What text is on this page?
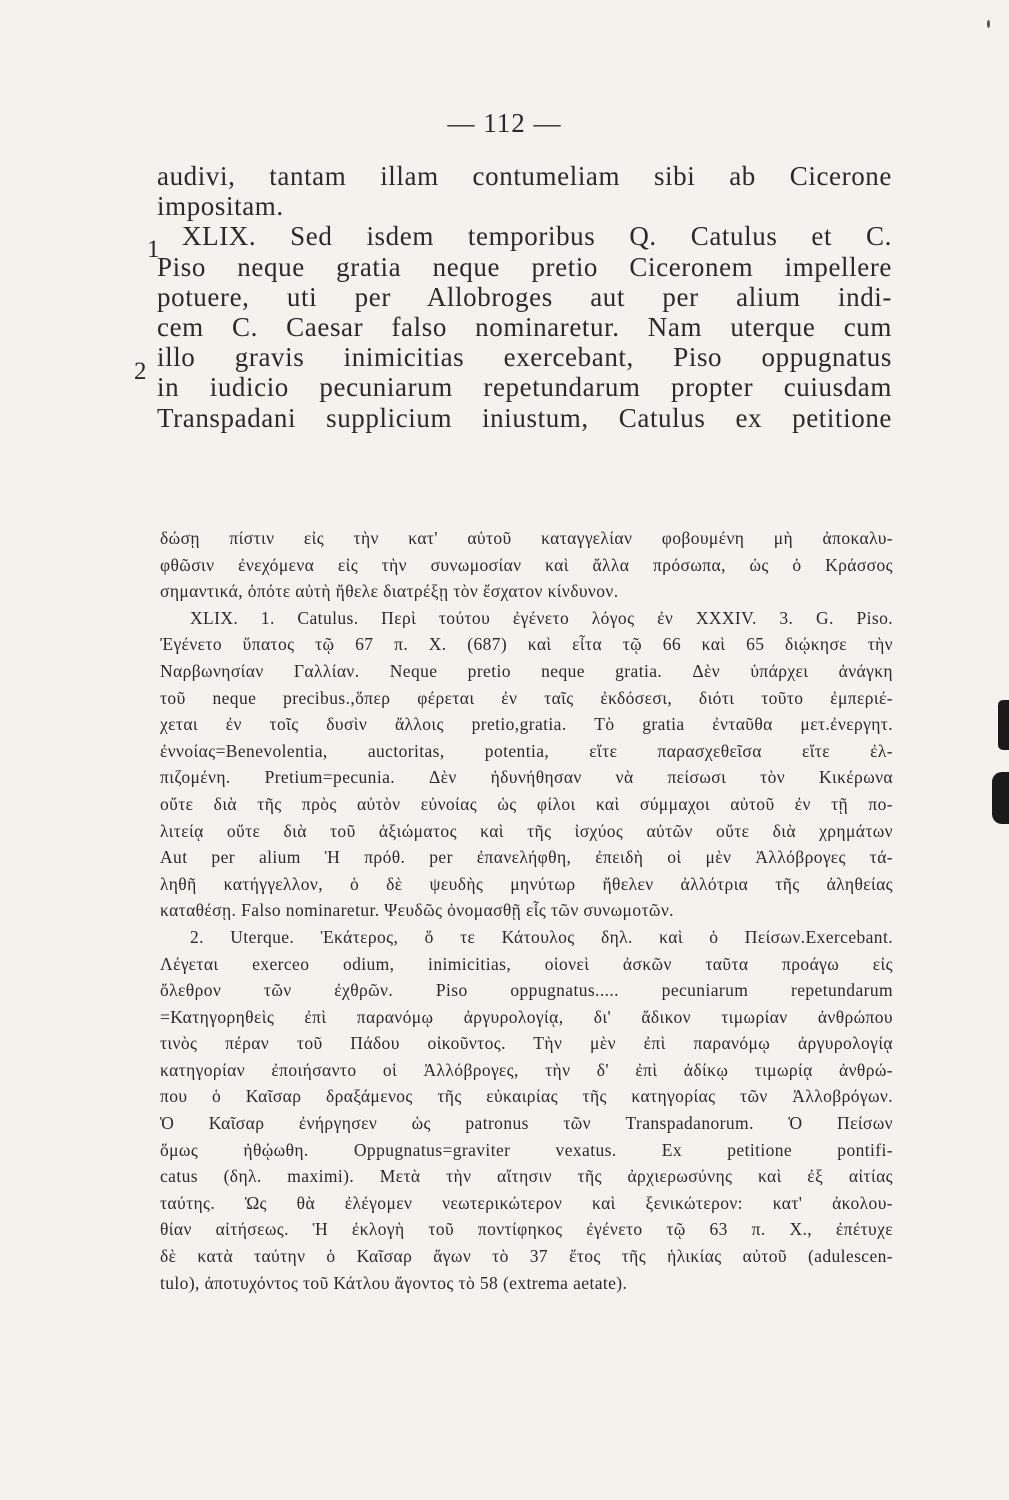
— 112 —
1
2
audivi, tantam illam contumeliam sibi ab Cicerone
impositam.
XLIX. Sed isdem temporibus Q. Catulus et C.
Piso neque gratia neque pretio Ciceronem impellere
potuere, uti per Allobroges aut per alium indi-
cem C. Caesar falso nominaretur. Nam uterque cum
illo gravis inimicitias exercebant, Piso oppugnatus
in iudicio pecuniarum repetundarum propter cuiusdam
Transpadani supplicium iniustum, Catulus ex petitione
δώσῃ πίστιν εἰς τὴν κατ' αὐτοῦ καταγγελίαν φοβουμένη μὴ ἀποκαλυ-
φθῶσιν ἐνεχόμενα εἰς τὴν συνωμοσίαν καὶ ἄλλα πρόσωπα, ὡς ὁ Κράσσος
σημαντικά, ὁπότε αὐτὴ ἤθελε διατρέξῃ τὸν ἔσχατον κίνδυνον.
XLIX. 1. Catulus. Περὶ τούτου ἐγένετο λόγος ἐν XXXIV. 3. G. Piso.
Ἐγένετο ὕπατος τῷ 67 π. Χ. (687) καὶ εἶτα τῷ 66 καὶ 65 διῴκησε τὴν
Ναρβωνησίαν Γαλλίαν. Neque pretio neque gratia. Δὲν ὑπάρχει ἀνάγκη
τοῦ neque precibus.,ὅπερ φέρεται ἐν ταῖς ἐκδόσεσι, διότι τοῦτο ἐμπεριέ-
χεται ἐν τοῖς δυσὶν ἄλλοις pretio,gratia. Τὸ gratia ἐνταῦθα μετ.ἐνεργητ.
ἐννοίας=Benevolentia, auctoritas, potentia, εἴτε παρασχεθεῖσα εἴτε ἐλ-
πιζομένη. Pretium=pecunia. Δὲν ἠδυνήθησαν νὰ πείσωσι τὸν Κικέρωνα
οὔτε διὰ τῆς πρὸς αὐτὸν εὐνοίας ὡς φίλοι καὶ σύμμαχοι αὐτοῦ ἐν τῇ πο-
λιτείᾳ οὔτε διὰ τοῦ ἀξιώματος καὶ τῆς ἰσχύος αὐτῶν οὔτε διὰ χρημάτων
Aut per alium Ἡ πρόθ. per ἐπανελήφθη, ἐπειδὴ οἱ μὲν Ἀλλόβρογες τά-
ληθῆ κατήγγελλον, ὁ δὲ ψευδὴς μηνύτωρ ἤθελεν ἀλλότρια τῆς ἀληθείας
καταθέσῃ. Falso nominaretur. Ψευδῶς ὀνομασθῇ εἷς τῶν συνωμοτῶν.
2. Uterque. Ἑκάτερος, ὅ τε Κάτουλος δηλ. καὶ ὁ Πείσων.Exercebant.
Λέγεται exerceo odium, inimicitias, οἱονεὶ ἀσκῶν ταῦτα προάγω εἰς
ὄλεθρον τῶν ἐχθρῶν. Piso oppugnatus..... pecuniarum repetundarum
=Κατηγορηθεὶς ἐπὶ παρανόμῳ ἀργυρολογίᾳ, δι' ἄδικον τιμωρίαν ἀνθρώπου
τινὸς πέραν τοῦ Πάδου οἰκοῦντος. Τὴν μὲν ἐπὶ παρανόμῳ ἀργυρολογίᾳ
κατηγορίαν ἐποιήσαντο οἱ Ἀλλόβρογες, τὴν δ' ἐπὶ ἀδίκῳ τιμωρίᾳ ἀνθρώ-
που ὁ Καῖσαρ δραξάμενος τῆς εὐκαιρίας τῆς κατηγορίας τῶν Ἀλλοβρόγων.
Ὁ Καῖσαρ ἐνήργησεν ὡς patronus τῶν Transpadanorum. Ὁ Πείσων
ὅμως ἠθῴωθη. Oppugnatus=graviter vexatus. Ex petitione pontifi-
catus (δηλ. maximi). Μετὰ τὴν αἴτησιν τῆς ἀρχιερωσύνης καὶ ἐξ αἰτίας
ταύτης. Ὡς θὰ ἐλέγομεν νεωτερικώτερον καὶ ξενικώτερον: κατ' ἀκολου-
θίαν αἰτήσεως. Ἡ ἐκλογὴ τοῦ ποντίφηκος ἐγένετο τῷ 63 π. Χ., ἐπέτυχε
δὲ κατὰ ταύτην ὁ Καῖσαρ ἄγων τὸ 37 ἔτος τῆς ἡλικίας αὐτοῦ (adulescen-
tulo), ἀποτυχόντος τοῦ Κάτλου ἄγοντος τὸ 58 (extrema aetate).
